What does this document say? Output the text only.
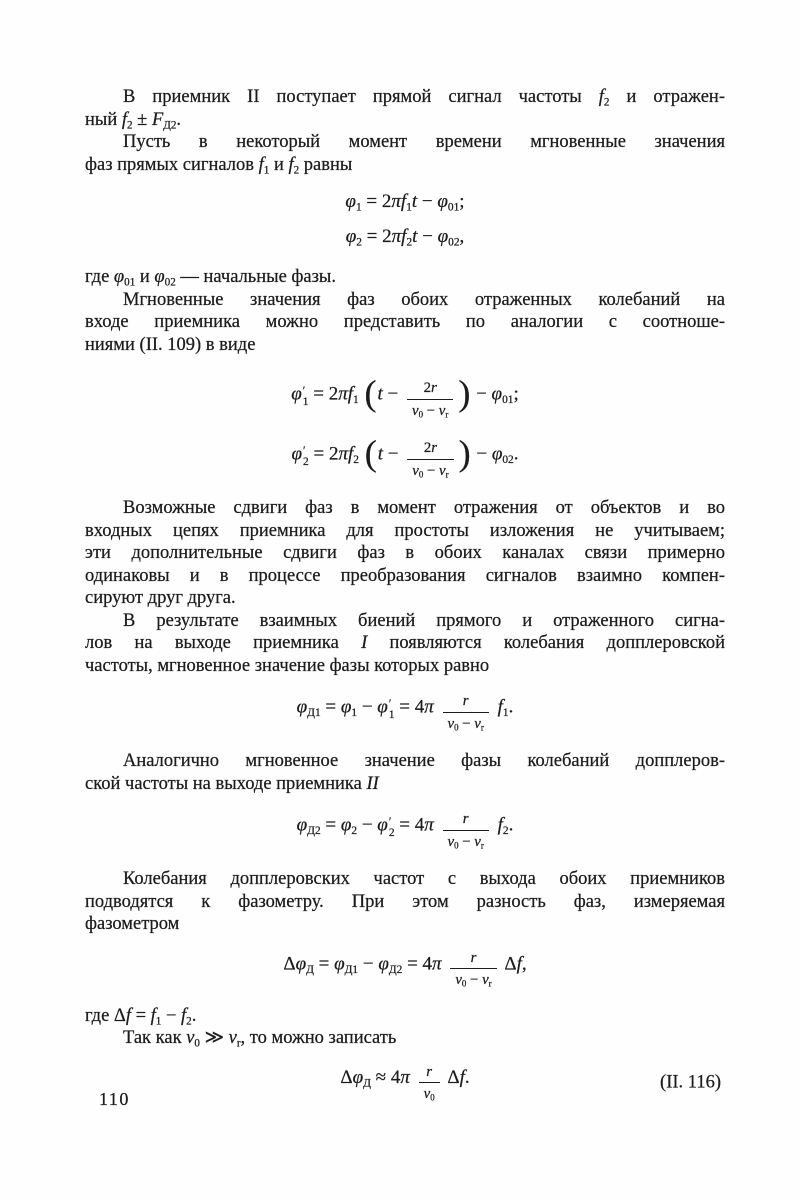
В приемник II поступает прямой сигнал частоты $f_2$ и отражен-
ный $f_2 \pm F_{Д2}$.
Пусть в некоторый момент времени мгновенные значения
фаз прямых сигналов $f_1$ и $f_2$ равны
$\varphi_1 = 2\pi f_1t - \varphi_{01}$;
$\varphi_2 = 2\pi f_2t - \varphi_{02}$,
где $\varphi_{01}$ и $\varphi_{02}$ — начальные фазы.
Мгновенные значения фаз обоих отраженных колебаний на
входе приемника можно представить по аналогии с соотноше-
ниями (II. 109) в виде
φ ′
$1 = 2\pi f_1$ ($t - \frac{2r}{v_0 - v_r}$ ) − $\varphi_{01}$;
φ ′
$2 = 2\pi f_2$ ($t - \frac{2r}{v_0 - v_r}$ ) − $\varphi_{02}$.
Возможные сдвиги фаз в момент отражения от объектов и во
входных цепях приемника для простоты изложения не учитываем;
эти дополнительные сдвиги фаз в обоих каналах связи примерно
одинаковы и в процессе преобразования сигналов взаимно компен-
сируют друг друга.
В результате взаимных биений прямого и отраженного сигна-
лов на выходе приемника I появляются колебания допплеровской
частоты, мгновенное значение фазы которых равно
$\varphi_{Д1} = \varphi_1 - \varphi$ ′
$1 = 4\pi \frac{r}{v_0 - v_r} f_1$.
Аналогично мгновенное значение фазы колебаний допплеров-
ской частоты на выходе приемника II
$\varphi_{Д2} = \varphi_2 - \varphi$ ′
$2 = 4\pi \frac{r}{v_0 - v_r} f_2$.
Колебания допплеровских частот с выхода обоих приемников
подводятся к фазометру. При этом разность фаз, измеряемая
фазометром
$\Delta\varphi_Д = \varphi_{Д1} - \varphi_{Д2} = 4\pi \frac{r}{v_0 - v_r} \Delta f$,
где $\Delta f = f_1 - f_2$.
Так как $v_0$ ≫ $v_r$, то можно записать
$\Delta\varphi_Д \approx 4\pi \frac{r}{v_0} \Delta f$.	(II. 116)
110
